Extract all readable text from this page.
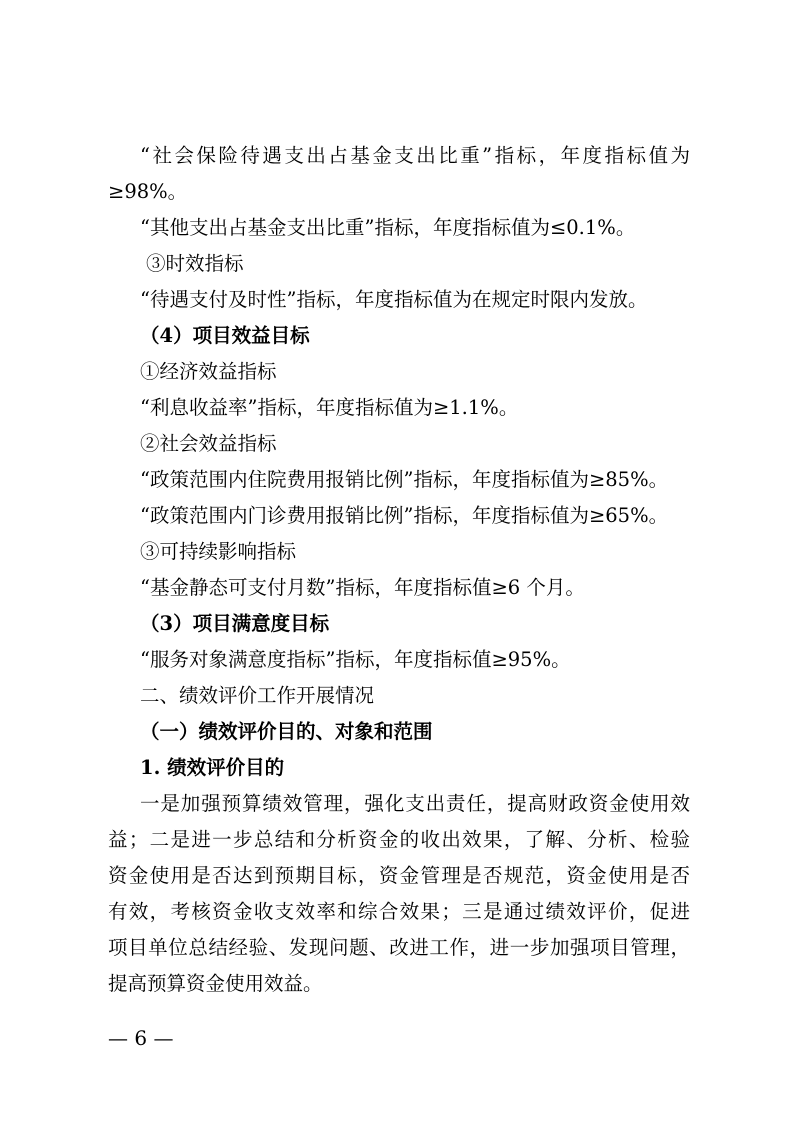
“社会保险待遇支出占基金支出比重”指标，年度指标值为
≥98%。
“其他支出占基金支出比重”指标，年度指标值为≤0.1%。
③时效指标
“待遇支付及时性”指标，年度指标值为在规定时限内发放。
（4）项目效益目标
①经济效益指标
“利息收益率”指标，年度指标值为≥1.1%。
②社会效益指标
“政策范围内住院费用报销比例”指标，年度指标值为≥85%。
“政策范围内门诊费用报销比例”指标，年度指标值为≥65%。
③可持续影响指标
“基金静态可支付月数”指标，年度指标值≥6 个月。
（3）项目满意度目标
“服务对象满意度指标”指标，年度指标值≥95%。
二、绩效评价工作开展情况
（一）绩效评价目的、对象和范围
1. 绩效评价目的
一是加强预算绩效管理，强化支出责任，提高财政资金使用效
益；二是进一步总结和分析资金的收出效果，了解、分析、检验
资金使用是否达到预期目标，资金管理是否规范，资金使用是否
有效，考核资金收支效率和综合效果；三是通过绩效评价，促进
项目单位总结经验、发现问题、改进工作，进一步加强项目管理，
提高预算资金使用效益。
— 6 —
